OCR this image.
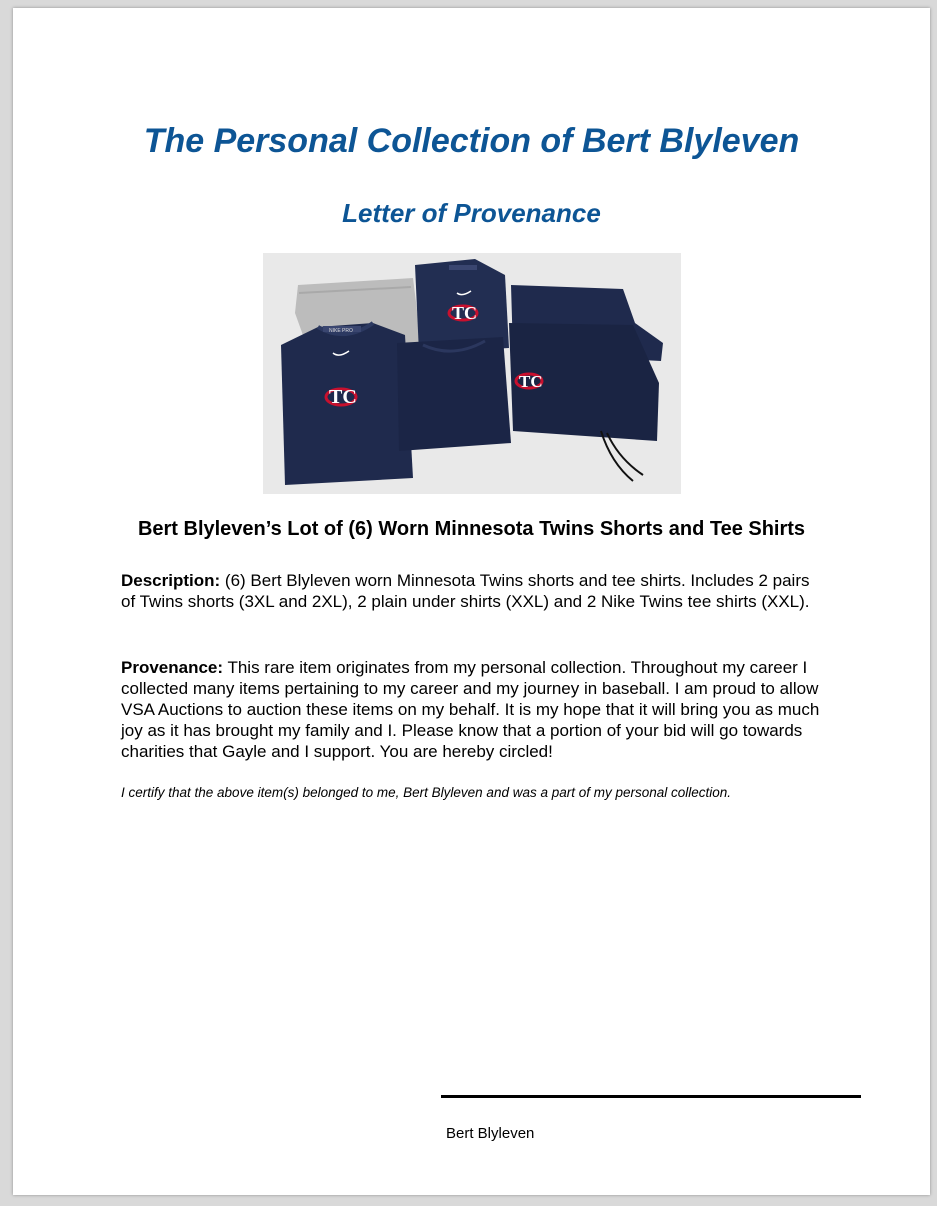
The Personal Collection of Bert Blyleven
Letter of Provenance
NIKE PRO
TC
TC
TC
Bert Blyleven’s Lot of (6) Worn Minnesota Twins Shorts and Tee Shirts

Description: (6) Bert Blyleven worn Minnesota Twins shorts and tee shirts. Includes 2 pairs of Twins shorts (3XL and 2XL), 2 plain under shirts (XXL) and 2 Nike Twins tee shirts (XXL).

Provenance: This rare item originates from my personal collection. Throughout my career I collected many items pertaining to my career and my journey in baseball. I am proud to allow VSA Auctions to auction these items on my behalf. It is my hope that it will bring you as much joy as it has brought my family and I. Please know that a portion of your bid will go towards charities that Gayle and I support. You are hereby circled!

I certify that the above item(s) belonged to me, Bert Blyleven and was a part of my personal collection.

Bert Blyleven
